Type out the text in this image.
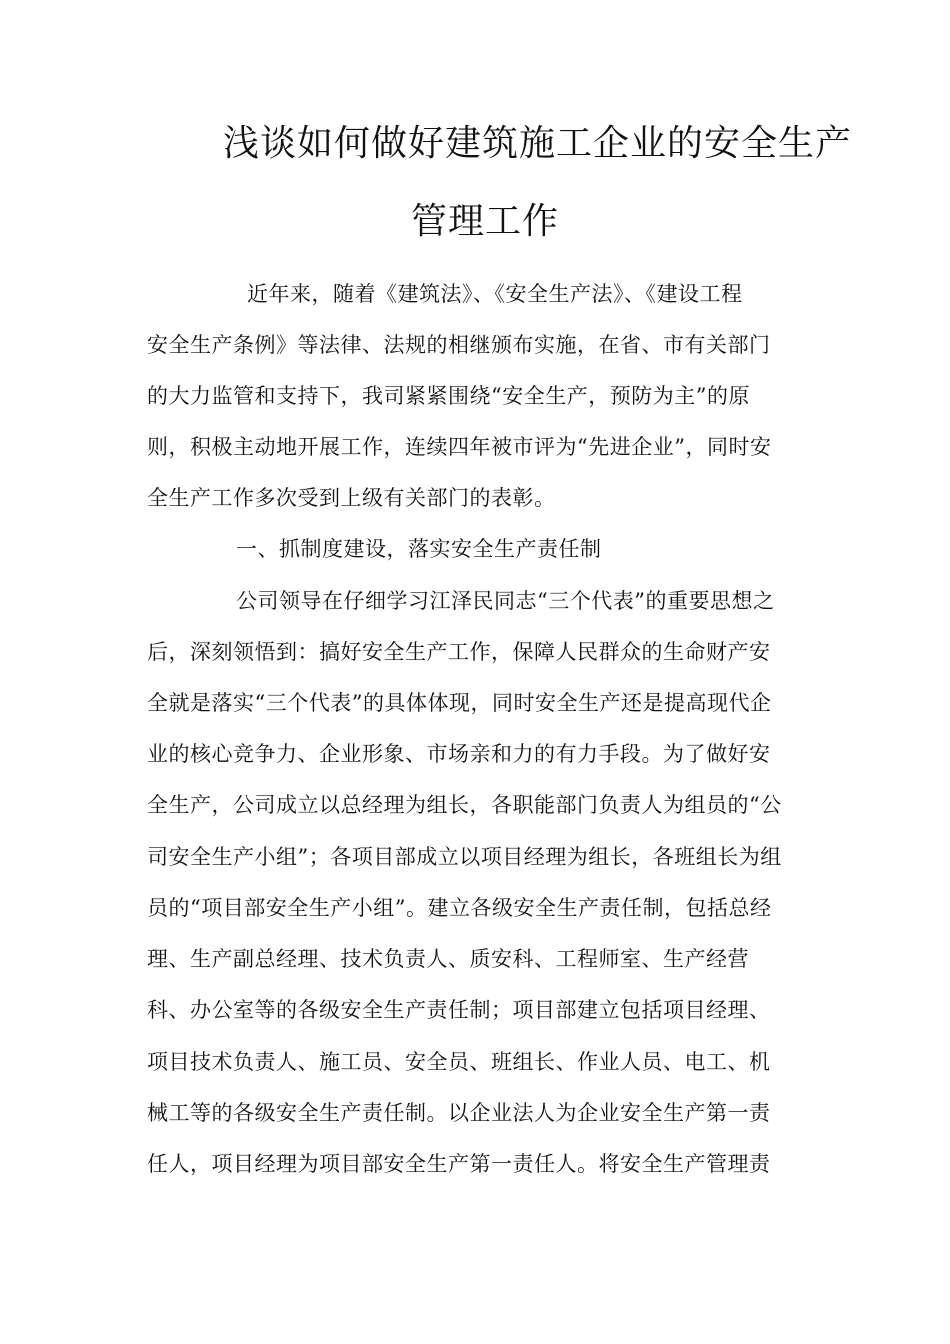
浅谈如何做好建筑施工企业的安全生产
管理工作

近年来，随着《建筑法》、《安全生产法》、《建设工程

安全生产条例》等法律、法规的相继颁布实施，在省、市有关部门

的大力监管和支持下，我司紧紧围绕“安全生产，预防为主”的原

则，积极主动地开展工作，连续四年被市评为“先进企业”，同时安

全生产工作多次受到上级有关部门的表彰。

一、抓制度建设，落实安全生产责任制

公司领导在仔细学习江泽民同志“三个代表”的重要思想之

后，深刻领悟到：搞好安全生产工作，保障人民群众的生命财产安

全就是落实“三个代表”的具体体现，同时安全生产还是提高现代企

业的核心竞争力、企业形象、市场亲和力的有力手段。为了做好安

全生产，公司成立以总经理为组长，各职能部门负责人为组员的“公

司安全生产小组”；各项目部成立以项目经理为组长，各班组长为组

员的“项目部安全生产小组”。建立各级安全生产责任制，包括总经

理、生产副总经理、技术负责人、质安科、工程师室、生产经营

科、办公室等的各级安全生产责任制；项目部建立包括项目经理、

项目技术负责人、施工员、安全员、班组长、作业人员、电工、机

械工等的各级安全生产责任制。以企业法人为企业安全生产第一责

任人，项目经理为项目部安全生产第一责任人。将安全生产管理责
